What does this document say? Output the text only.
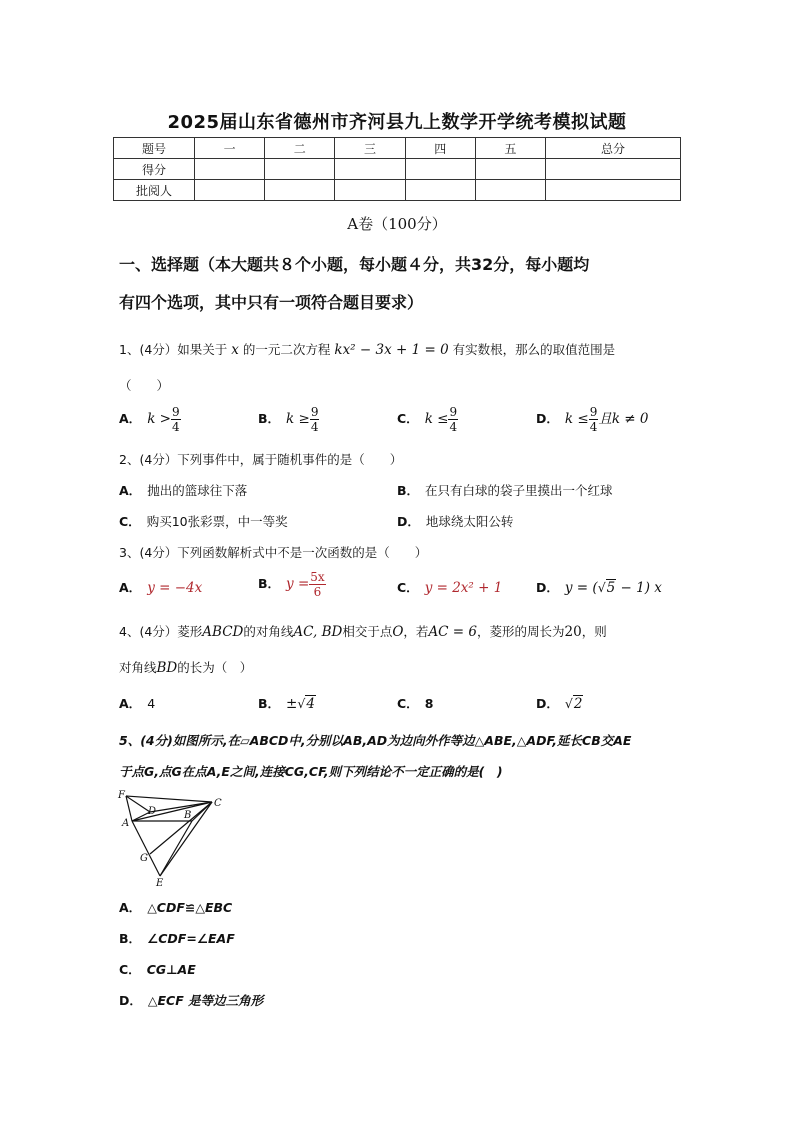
2025届山东省德州市齐河县九上数学开学统考模拟试题
题号	一	二	三	四	五	总分
得分						
批阅人						
A卷（100分）
一、选择题（本大题共８个小题，每小题４分，共32分，每小题均
有四个选项，其中只有一项符合题目要求）
1、(4分）如果关于 x 的一元二次方程 kx² − 3x + 1 = 0 有实数根，那么的取值范围是
（　　）
A． $k > \frac{9}{4}$	B． $k \ge \frac{9}{4}$	C． $k \le \frac{9}{4}$	D． $k \le \frac{9}{4}$ 且k ≠ 0
2、(4分）下列事件中，属于随机事件的是（　　）
A． 抛出的篮球往下落	B． 在只有白球的袋子里摸出一个红球
C． 购买10张彩票，中一等奖	D． 地球绕太阳公转
3、(4分）下列函数解析式中不是一次函数的是（　　）
A． y = −4x	B． $y = \frac{5x}{6}$	C． y = 2x² + 1	D． y = (√5 − 1) x
4、(4分）菱形ABCD的对角线AC, BD相交于点O，若AC = 6，菱形的周长为20，则
对角线BD的长为（　）
A． 4	B． ±√4	C． 8	D． √2
5、(4分)如图所示,在▱ABCD中,分别以AB,AD为边向外作等边△ABE,△ADF,延长CB交AE
于点G,点G在点A,E之间,连接CG,CF,则下列结论不一定正确的是(　)
F
D
C
A
B
G
E
A． △CDF≌△EBC
B． ∠CDF=∠EAF
C． CG⊥AE
D． △ECF 是等边三角形
